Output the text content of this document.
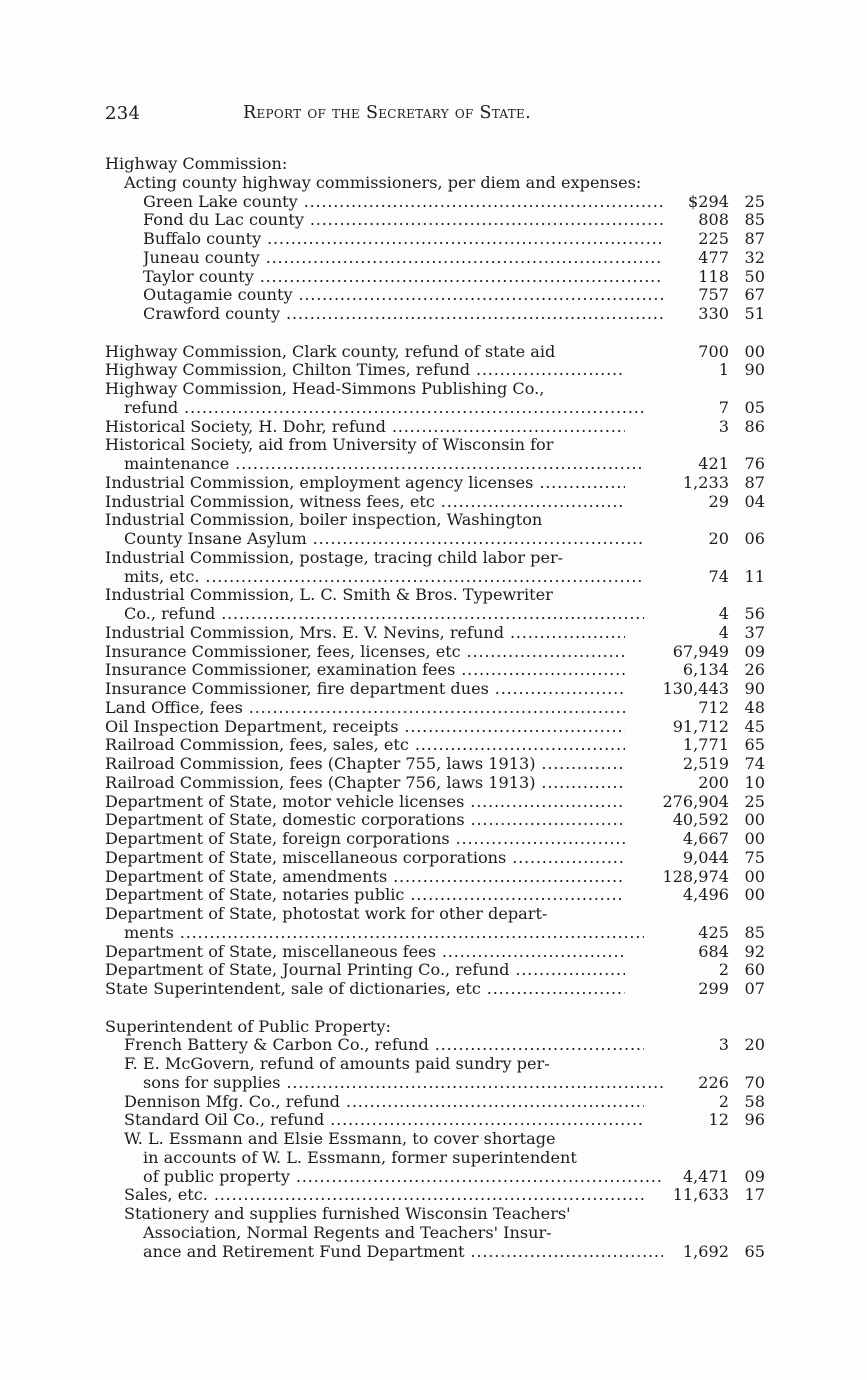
234	Report of the Secretary of State.
Highway Commission:
Acting county highway commissioners, per diem and expenses:
Green Lake county .....	$294 25
Fond du Lac county .....	808 85
Buffalo county .....	225 87
Juneau county .....	477 32
Taylor county .....	118 50
Outagamie county .....	757 67
Crawford county .....	330 51
Highway Commission, Clark county, refund of state aid	700 00
Highway Commission, Chilton Times, refund .....	1 90
Highway Commission, Head-Simmons Publishing Co.,
refund .....	7 05
Historical Society, H. Dohr, refund .....	3 86
Historical Society, aid from University of Wisconsin for
maintenance .....	421 76
Industrial Commission, employment agency licenses .....	1,233 87
Industrial Commission, witness fees, etc .....	29 04
Industrial Commission, boiler inspection, Washington
County Insane Asylum .....	20 06
Industrial Commission, postage, tracing child labor per-
mits, etc. .....	74 11
Industrial Commission, L. C. Smith & Bros. Typewriter
Co., refund .....	4 56
Industrial Commission, Mrs. E. V. Nevins, refund .....	4 37
Insurance Commissioner, fees, licenses, etc .....	67,949 09
Insurance Commissioner, examination fees .....	6,134 26
Insurance Commissioner, fire department dues .....	130,443 90
Land Office, fees .....	712 48
Oil Inspection Department, receipts .....	91,712 45
Railroad Commission, fees, sales, etc .....	1,771 65
Railroad Commission, fees (Chapter 755, laws 1913) .....	2,519 74
Railroad Commission, fees (Chapter 756, laws 1913) .....	200 10
Department of State, motor vehicle licenses .....	276,904 25
Department of State, domestic corporations .....	40,592 00
Department of State, foreign corporations .....	4,667 00
Department of State, miscellaneous corporations .....	9,044 75
Department of State, amendments .....	128,974 00
Department of State, notaries public .....	4,496 00
Department of State, photostat work for other depart-
ments .....	425 85
Department of State, miscellaneous fees .....	684 92
Department of State, Journal Printing Co., refund .....	2 60
State Superintendent, sale of dictionaries, etc .....	299 07
Superintendent of Public Property:
French Battery & Carbon Co., refund .....	3 20
F. E. McGovern, refund of amounts paid sundry per-
sons for supplies .....	226 70
Dennison Mfg. Co., refund .....	2 58
Standard Oil Co., refund .....	12 96
W. L. Essmann and Elsie Essmann, to cover shortage
in accounts of W. L. Essmann, former superintendent
of public property .....	4,471 09
Sales, etc. .....	11,633 17
Stationery and supplies furnished Wisconsin Teachers'
Association, Normal Regents and Teachers' Insur-
ance and Retirement Fund Department .....	1,692 65
